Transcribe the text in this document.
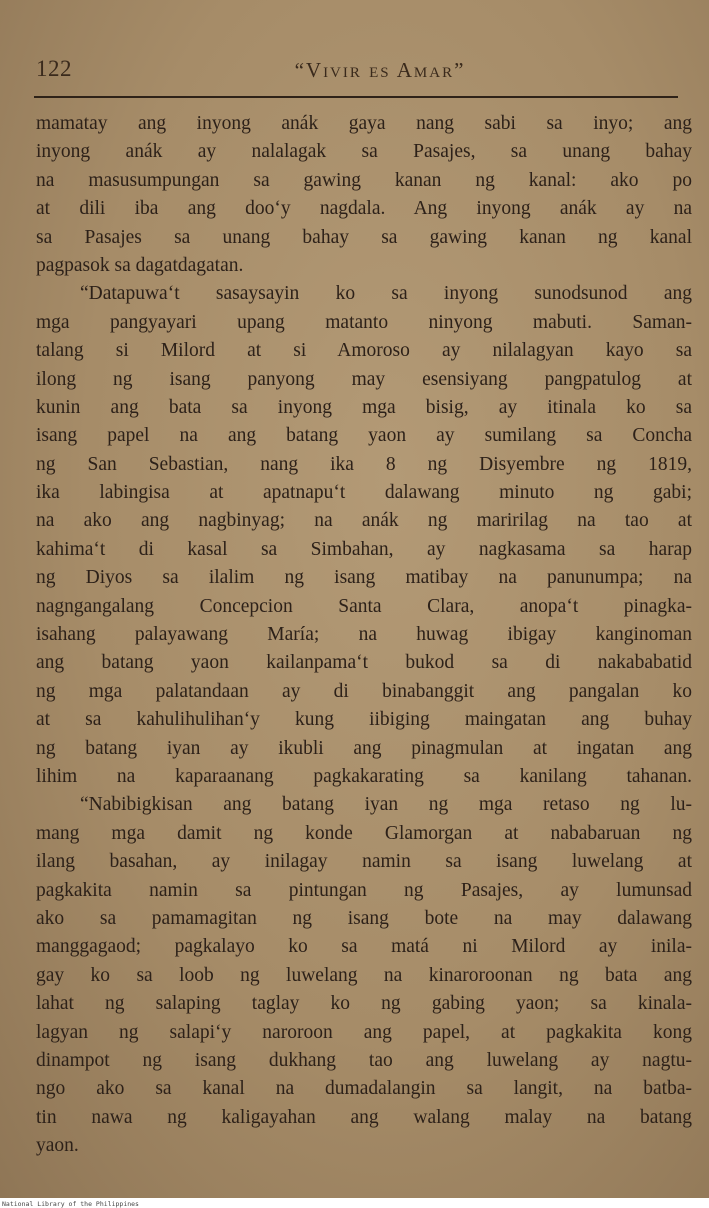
122	“Vivir es Amar”
mamatay ang inyong anák gaya nang sabi sa inyo; ang
inyong anák ay nalalagak sa Pasajes, sa unang bahay
na masusumpungan sa gawing kanan ng kanal: ako po
at dili iba ang doo‘y nagdala. Ang inyong anák ay na
sa Pasajes sa unang bahay sa gawing kanan ng kanal
pagpasok sa dagatdagatan.
“Datapuwa‘t sasaysayin ko sa inyong sunodsunod ang
mga pangyayari upang matanto ninyong mabuti. Saman-
talang si Milord at si Amoroso ay nilalagyan kayo sa
ilong ng isang panyong may esensiyang pangpatulog at
kunin ang bata sa inyong mga bisig, ay itinala ko sa
isang papel na ang batang yaon ay sumilang sa Concha
ng San Sebastian, nang ika 8 ng Disyembre ng 1819,
ika labingisa at apatnapu‘t dalawang minuto ng gabi;
na ako ang nagbinyag; na anák ng maririlag na tao at
kahima‘t di kasal sa Simbahan, ay nagkasama sa harap
ng Diyos sa ilalim ng isang matibay na panunumpa; na
nagngangalang Concepcion Santa Clara, anopa‘t pinagka-
isahang palayawang María; na huwag ibigay kanginoman
ang batang yaon kailanpama‘t bukod sa di nakababatid
ng mga palatandaan ay di binabanggit ang pangalan ko
at sa kahulihulihan‘y kung iibiging maingatan ang buhay
ng batang iyan ay ikubli ang pinagmulan at ingatan ang
lihim na kaparaanang pagkakarating sa kanilang tahanan.
“Nabibigkisan ang batang iyan ng mga retaso ng lu-
mang mga damit ng konde Glamorgan at nababaruan ng
ilang basahan, ay inilagay namin sa isang luwelang at
pagkakita namin sa pintungan ng Pasajes, ay lumunsad
ako sa pamamagitan ng isang bote na may dalawang
manggagaod; pagkalayo ko sa matá ni Milord ay inila-
gay ko sa loob ng luwelang na kinaroroonan ng bata ang
lahat ng salaping taglay ko ng gabing yaon; sa kinala-
lagyan ng salapi‘y naroroon ang papel, at pagkakita kong
dinampot ng isang dukhang tao ang luwelang ay nagtu-
ngo ako sa kanal na dumadalangin sa langit, na batba-
tin nawa ng kaligayahan ang walang malay na batang
yaon.
National Library of the Philippines
